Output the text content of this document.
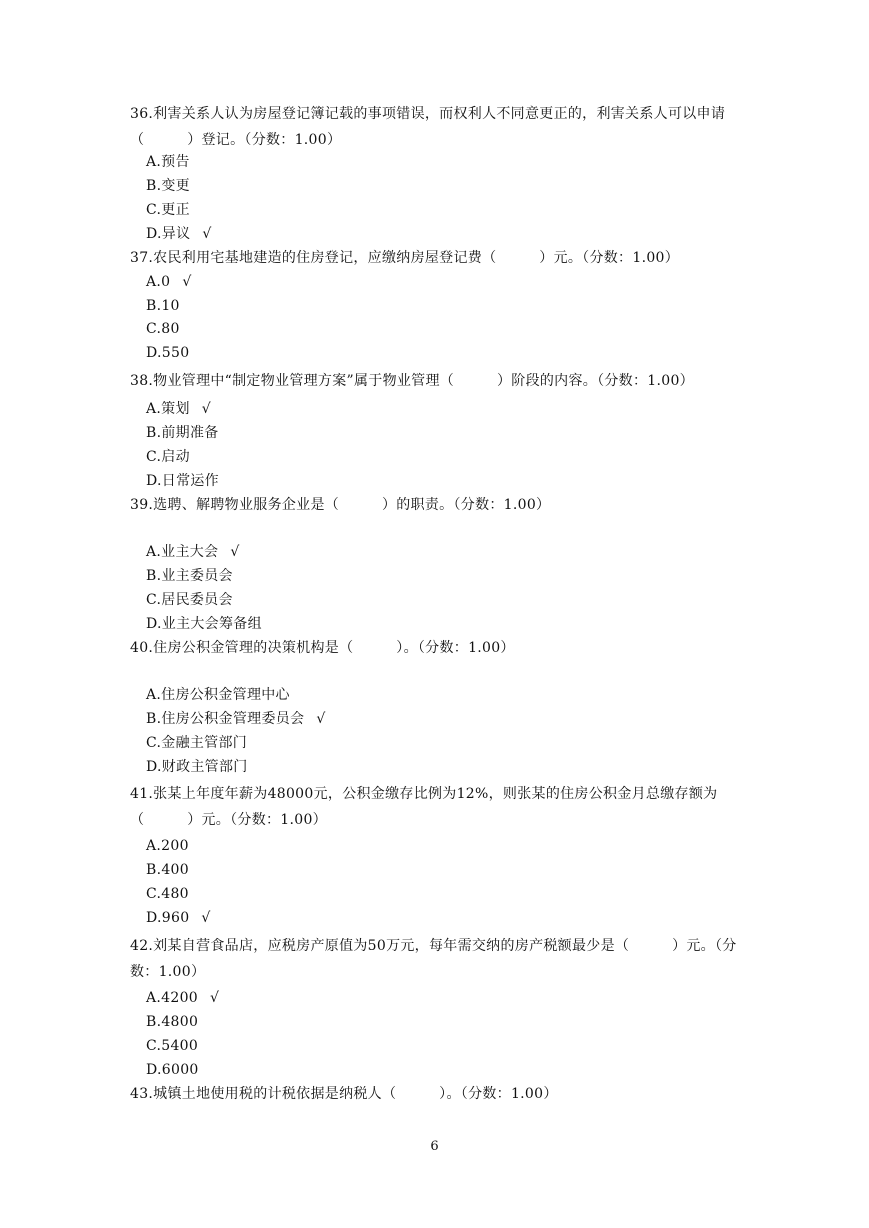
36.利害关系人认为房屋登记簿记载的事项错误，而权利人不同意更正的，利害关系人可以申请（　　　）登记。（分数：1.00）
A.预告
B.变更
C.更正
D.异议 √
37.农民利用宅基地建造的住房登记，应缴纳房屋登记费（　　　）元。（分数：1.00）
A.0 √
B.10
C.80
D.550
38.物业管理中“制定物业管理方案”属于物业管理（　　　）阶段的内容。（分数：1.00）
A.策划 √
B.前期准备
C.启动
D.日常运作
39.选聘、解聘物业服务企业是（　　　）的职责。（分数：1.00）
A.业主大会 √
B.业主委员会
C.居民委员会
D.业主大会筹备组
40.住房公积金管理的决策机构是（　　　）。（分数：1.00）
A.住房公积金管理中心
B.住房公积金管理委员会 √
C.金融主管部门
D.财政主管部门
41.张某上年度年薪为48000元，公积金缴存比例为12%，则张某的住房公积金月总缴存额为（　　　）元。（分数：1.00）
A.200
B.400
C.480
D.960 √
42.刘某自营食品店，应税房产原值为50万元，每年需交纳的房产税额最少是（　　　）元。（分数：1.00）
A.4200 √
B.4800
C.5400
D.6000
43.城镇土地使用税的计税依据是纳税人（　　　）。（分数：1.00）
6
